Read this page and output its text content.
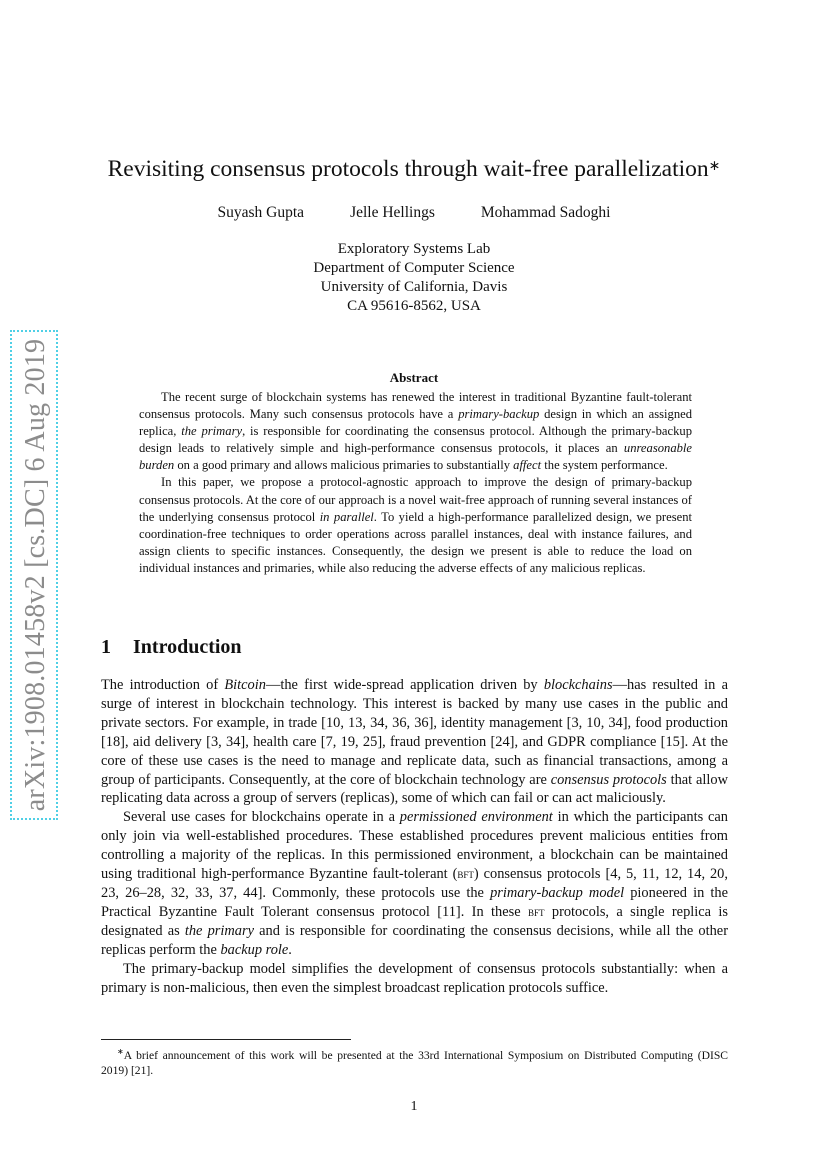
arXiv:1908.01458v2 [cs.DC] 6 Aug 2019
Revisiting consensus protocols through wait-free parallelization∗
Suyash Gupta	Jelle Hellings	Mohammad Sadoghi
Exploratory Systems Lab
Department of Computer Science
University of California, Davis
CA 95616-8562, USA
Abstract

The recent surge of blockchain systems has renewed the interest in traditional Byzantine fault-tolerant consensus protocols. Many such consensus protocols have a primary-backup design in which an assigned replica, the primary, is responsible for coordinating the consensus protocol. Although the primary-backup design leads to relatively simple and high-performance consensus protocols, it places an unreasonable burden on a good primary and allows malicious primaries to substantially affect the system performance.

In this paper, we propose a protocol-agnostic approach to improve the design of primary-backup consensus protocols. At the core of our approach is a novel wait-free approach of running several instances of the underlying consensus protocol in parallel. To yield a high-performance parallelized design, we present coordination-free techniques to order operations across parallel instances, deal with instance failures, and assign clients to specific instances. Consequently, the design we present is able to reduce the load on individual instances and primaries, while also reducing the adverse effects of any malicious replicas.

1 Introduction

The introduction of Bitcoin—the first wide-spread application driven by blockchains—has resulted in a surge of interest in blockchain technology. This interest is backed by many use cases in the public and private sectors. For example, in trade [10, 13, 34, 36, 36], identity management [3, 10, 34], food production [18], aid delivery [3, 34], health care [7, 19, 25], fraud prevention [24], and GDPR compliance [15]. At the core of these use cases is the need to manage and replicate data, such as financial transactions, among a group of participants. Consequently, at the core of blockchain technology are consensus protocols that allow replicating data across a group of servers (replicas), some of which can fail or can act maliciously.

Several use cases for blockchains operate in a permissioned environment in which the participants can only join via well-established procedures. These established procedures prevent malicious entities from controlling a majority of the replicas. In this permissioned environment, a blockchain can be maintained using traditional high-performance Byzantine fault-tolerant (bft) consensus protocols [4, 5, 11, 12, 14, 20, 23, 26–28, 32, 33, 37, 44]. Commonly, these protocols use the primary-backup model pioneered in the Practical Byzantine Fault Tolerant consensus protocol [11]. In these bft protocols, a single replica is designated as the primary and is responsible for coordinating the consensus decisions, while all the other replicas perform the backup role.

The primary-backup model simplifies the development of consensus protocols substantially: when a primary is non-malicious, then even the simplest broadcast replication protocols suffice.

∗A brief announcement of this work will be presented at the 33rd International Symposium on Distributed Computing (DISC 2019) [21].

1
